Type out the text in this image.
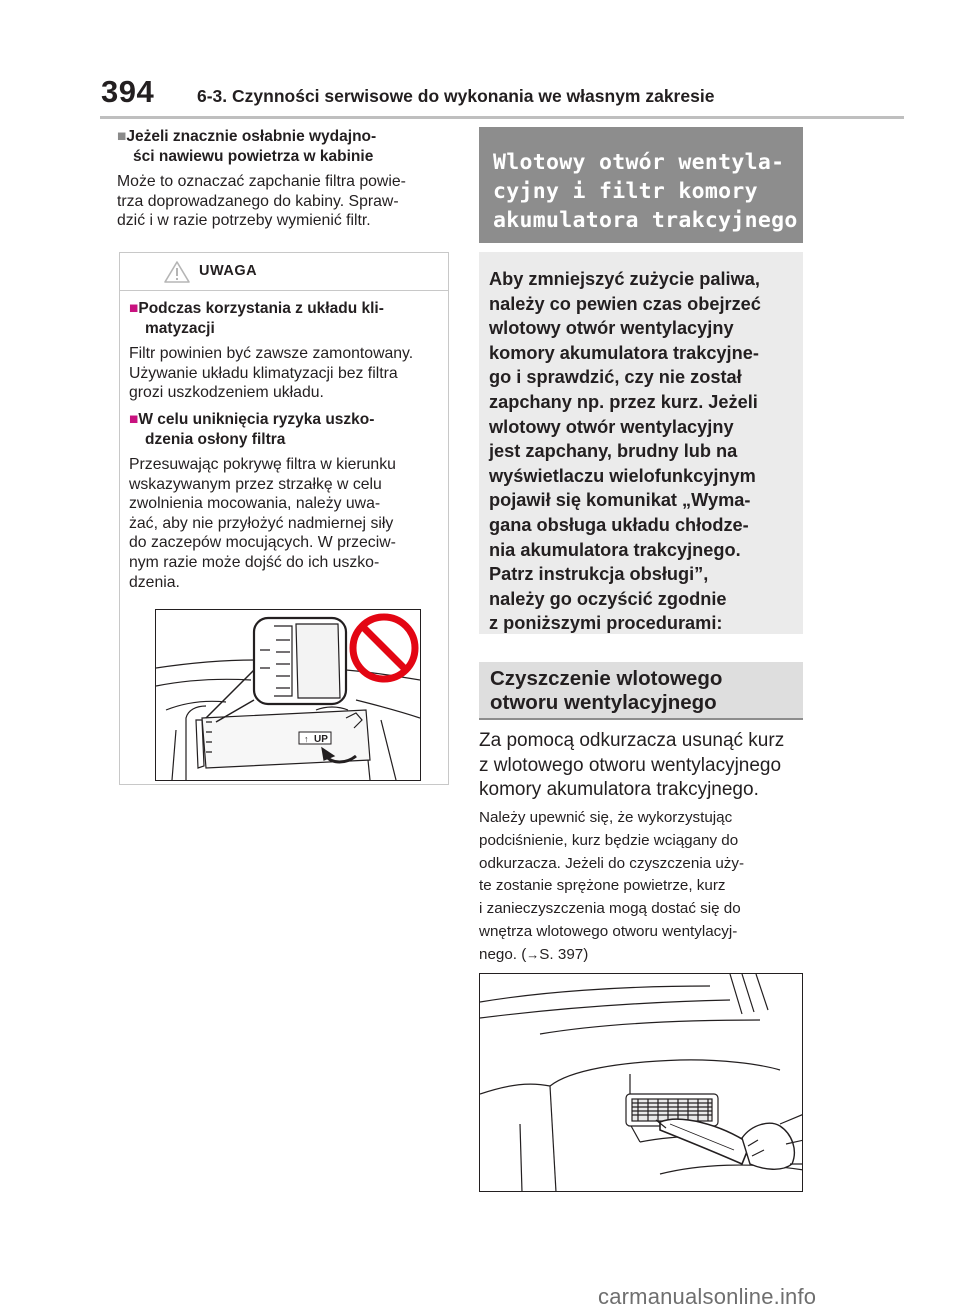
394 6-3. Czynności serwisowe do wykonania we własnym zakresie
■Jeżeli znacznie osłabnie wydajno-
ści nawiewu powietrza w kabinie
Może to oznaczać zapchanie filtra powie-
trza doprowadzanego do kabiny. Spraw-
dzić i w razie potrzeby wymienić filtr.
UWAGA
■Podczas korzystania z układu kli-
matyzacji
Filtr powinien być zawsze zamontowany.
Używanie układu klimatyzacji bez filtra
grozi uszkodzeniem układu.
■W celu uniknięcia ryzyka uszko-
dzenia osłony filtra
Przesuwając pokrywę filtra w kierunku
wskazywanym przez strzałkę w celu
zwolnienia mocowania, należy uwa-
żać, aby nie przyłożyć nadmiernej siły
do zaczepów mocujących. W przeciw-
nym razie może dojść do ich uszko-
dzenia.
↑ UP
Wlotowy otwór wentyla-
cyjny i filtr komory
akumulatora trakcyjnego
Aby zmniejszyć zużycie paliwa,
należy co pewien czas obejrzeć
wlotowy otwór wentylacyjny
komory akumulatora trakcyjne-
go i sprawdzić, czy nie został
zapchany np. przez kurz. Jeżeli
wlotowy otwór wentylacyjny
jest zapchany, brudny lub na
wyświetlaczu wielofunkcyjnym
pojawił się komunikat „Wyma-
gana obsługa układu chłodze-
nia akumulatora trakcyjnego.
Patrz instrukcja obsługi”,
należy go oczyścić zgodnie
z poniższymi procedurami:
Czyszczenie wlotowego
otworu wentylacyjnego
Za pomocą odkurzacza usunąć kurz
z wlotowego otworu wentylacyjnego
komory akumulatora trakcyjnego.
Należy upewnić się, że wykorzystując
podciśnienie, kurz będzie wciągany do
odkurzacza. Jeżeli do czyszczenia uży-
te zostanie sprężone powietrze, kurz
i zanieczyszczenia mogą dostać się do
wnętrza wlotowego otworu wentylacyj-
nego. (→S. 397)
carmanualsonline.info
